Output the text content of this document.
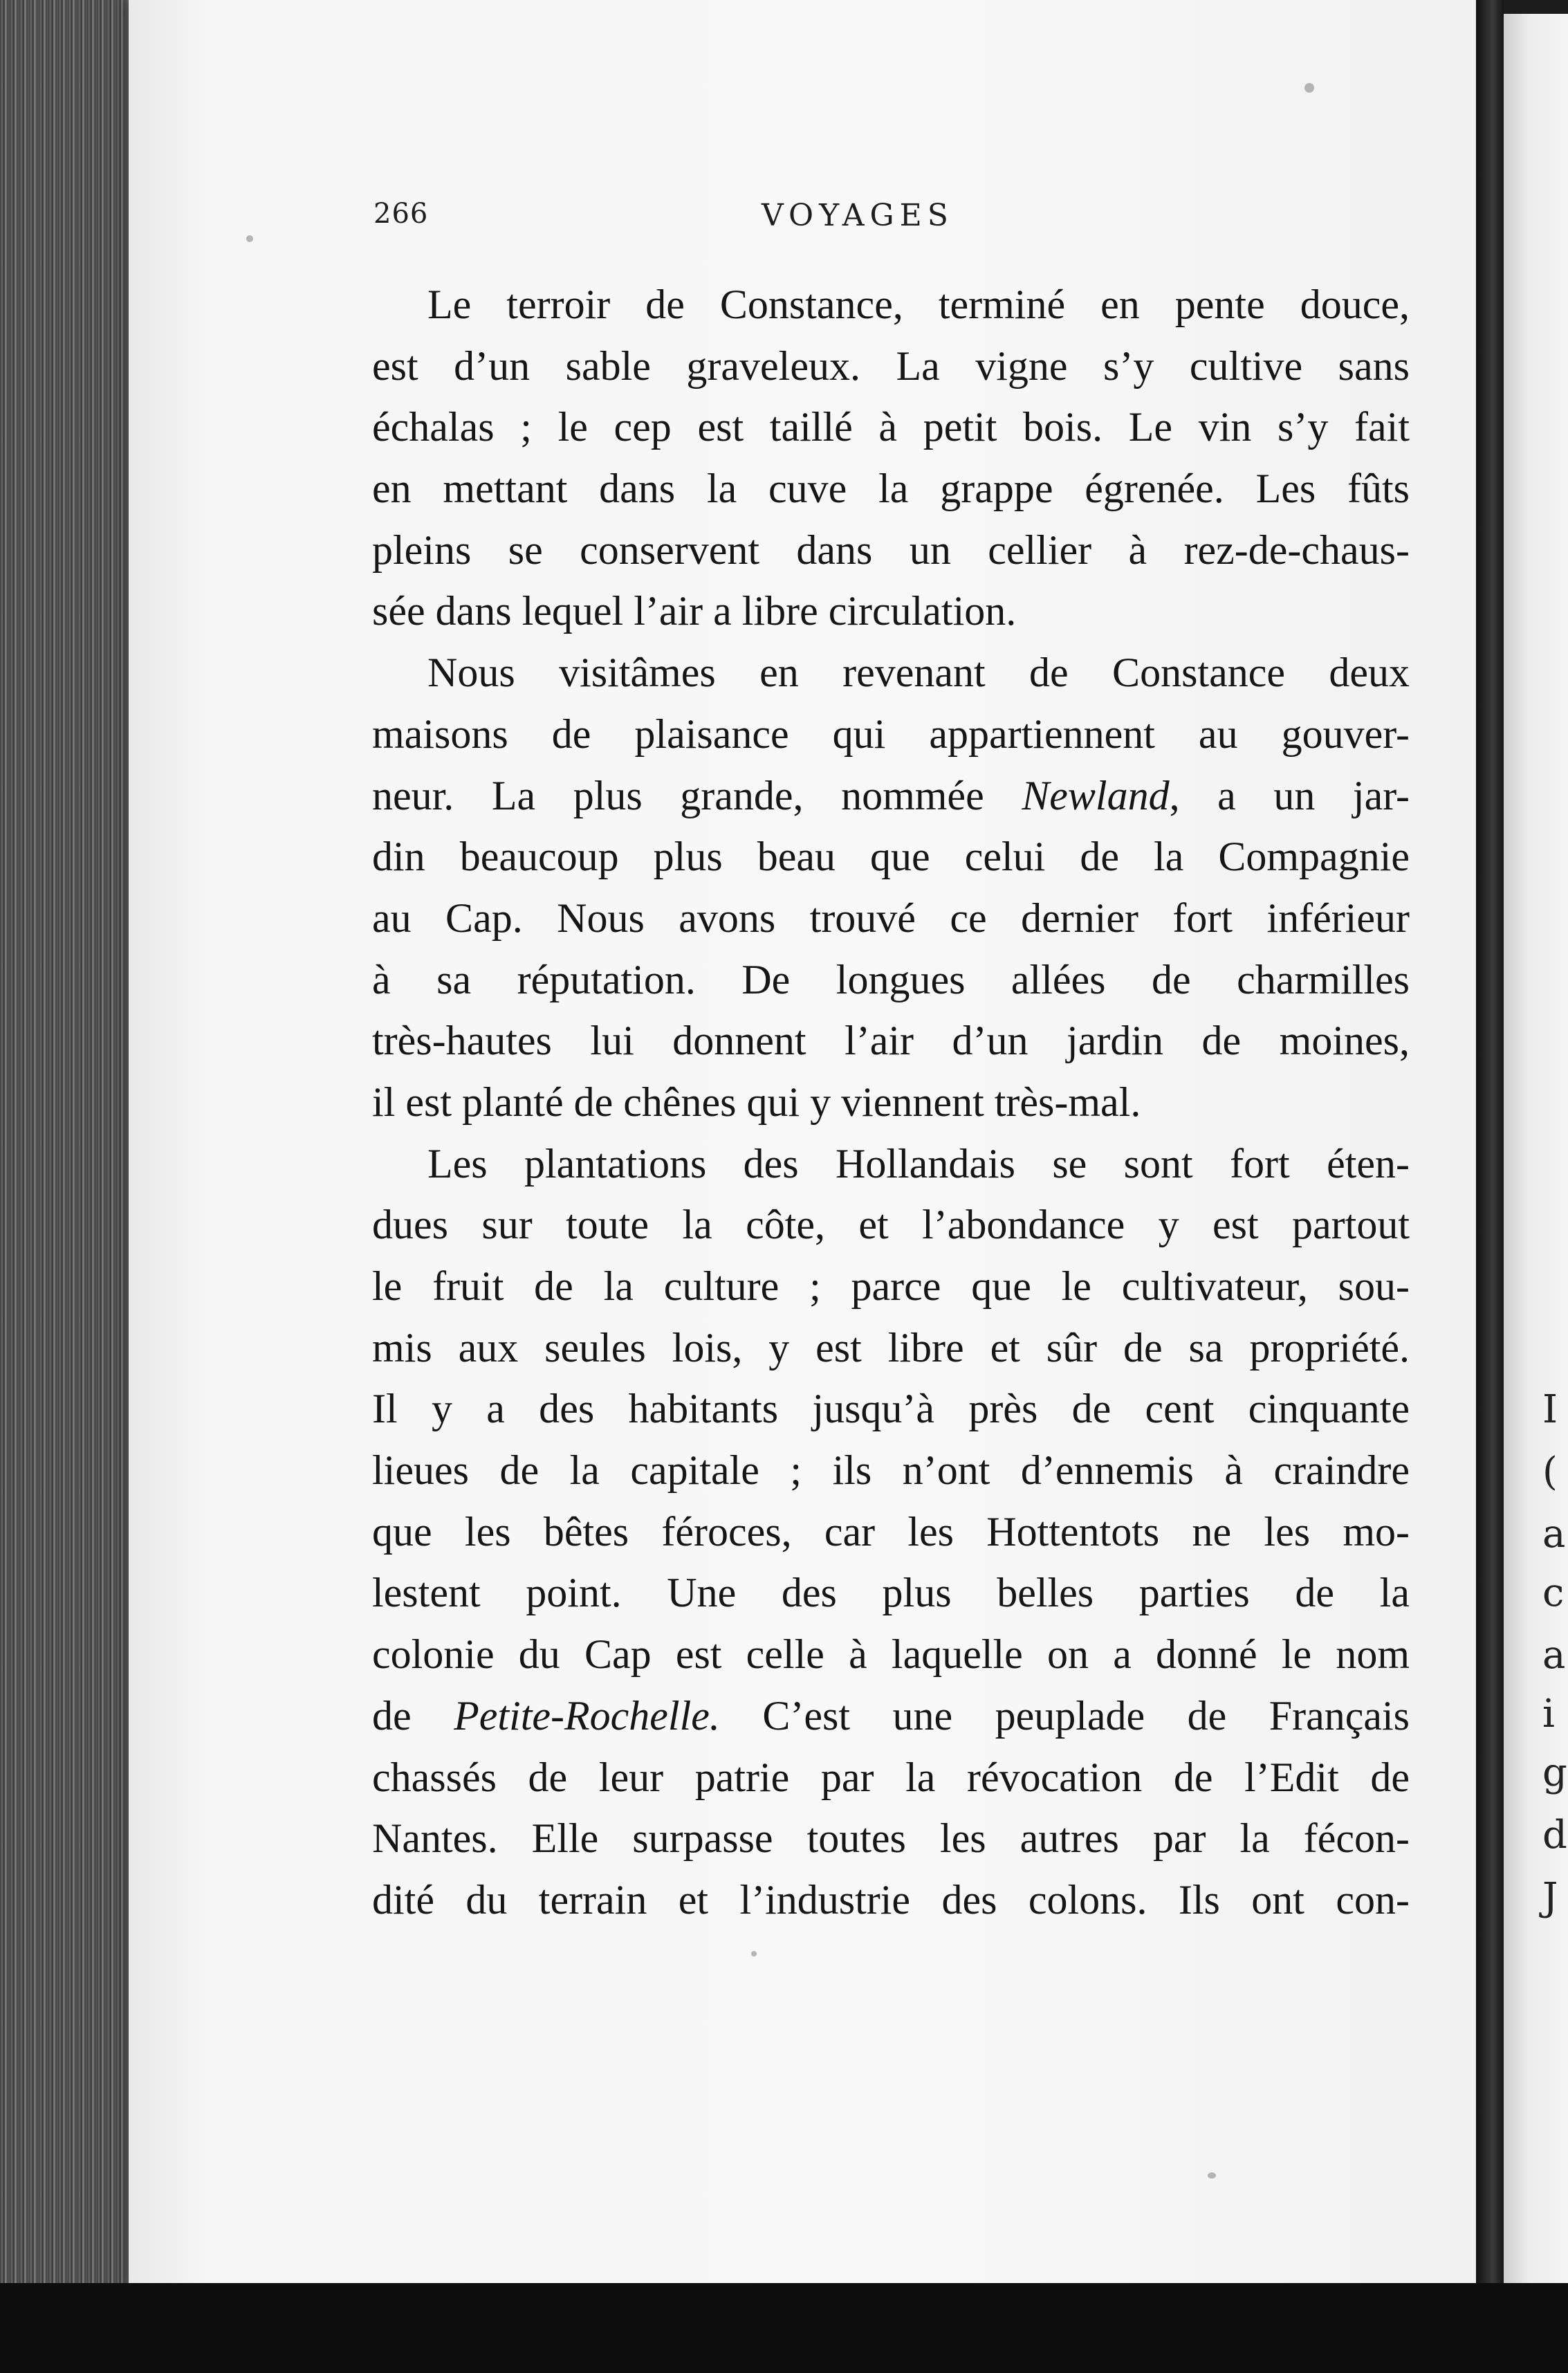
I
(
a
c
a
i
g
d
J
266	VOYAGES
Le terroir de Constance, terminé en pente douce,
est d’un sable graveleux. La vigne s’y cultive sans
échalas ; le cep est taillé à petit bois. Le vin s’y fait
en mettant dans la cuve la grappe égrenée. Les fûts
pleins se conservent dans un cellier à rez-de-chaus-
sée dans lequel l’air a libre circulation.
Nous visitâmes en revenant de Constance deux
maisons de plaisance qui appartiennent au gouver-
neur. La plus grande, nommée Newland, a un jar-
din beaucoup plus beau que celui de la Compagnie
au Cap. Nous avons trouvé ce dernier fort inférieur
à sa réputation. De longues allées de charmilles
très-hautes lui donnent l’air d’un jardin de moines,
il est planté de chênes qui y viennent très-mal.
Les plantations des Hollandais se sont fort éten-
dues sur toute la côte, et l’abondance y est partout
le fruit de la culture ; parce que le cultivateur, sou-
mis aux seules lois, y est libre et sûr de sa propriété.
Il y a des habitants jusqu’à près de cent cinquante
lieues de la capitale ; ils n’ont d’ennemis à craindre
que les bêtes féroces, car les Hottentots ne les mo-
lestent point. Une des plus belles parties de la
colonie du Cap est celle à laquelle on a donné le nom
de Petite-Rochelle. C’est une peuplade de Français
chassés de leur patrie par la révocation de l’Edit de
Nantes. Elle surpasse toutes les autres par la fécon-
dité du terrain et l’industrie des colons. Ils ont con-
